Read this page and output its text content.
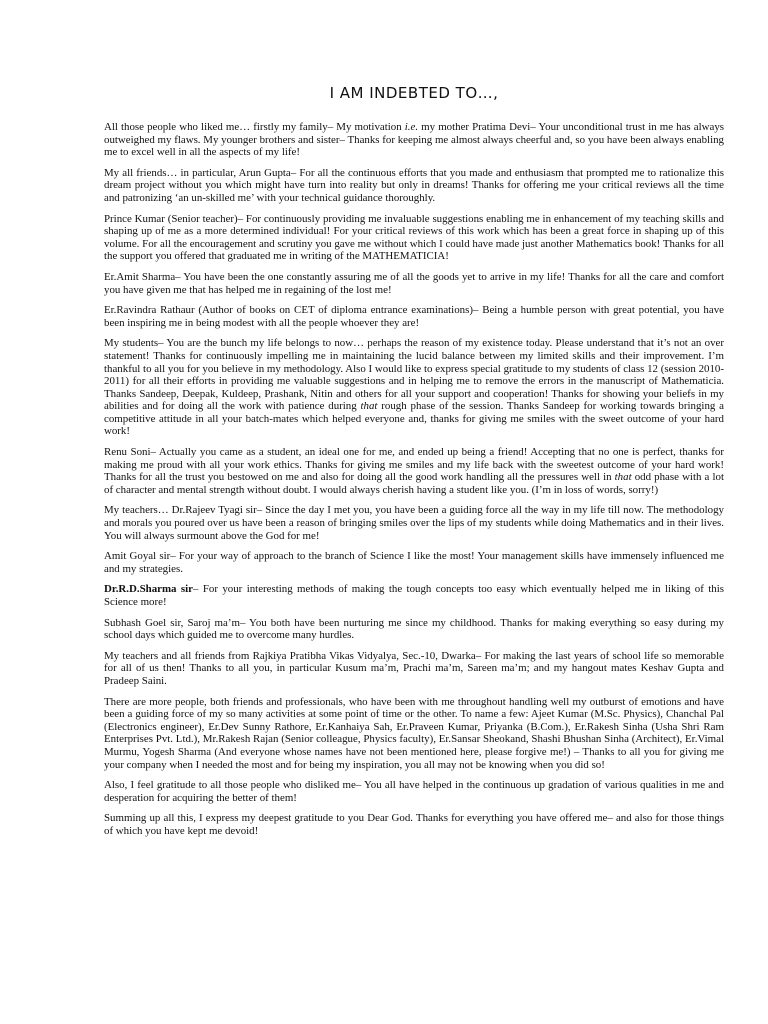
I AM INDEBTED TO…,

All those people who liked me… firstly my family– My motivation i.e. my mother Pratima Devi– Your unconditional trust in me has always outweighed my flaws. My younger brothers and sister– Thanks for keeping me almost always cheerful and, so you have been always enabling me to excel well in all the aspects of my life!

My all friends… in particular, Arun Gupta– For all the continuous efforts that you made and enthusiasm that prompted me to rationalize this dream project without you which might have turn into reality but only in dreams! Thanks for offering me your critical reviews all the time and patronizing ‘an un-skilled me’ with your technical guidance thoroughly.

Prince Kumar (Senior teacher)– For continuously providing me invaluable suggestions enabling me in enhancement of my teaching skills and shaping up of me as a more determined individual! For your critical reviews of this work which has been a great force in shaping up of this volume. For all the encouragement and scrutiny you gave me without which I could have made just another Mathematics book! Thanks for all the support you offered that graduated me in writing of the MATHEMATICIA!

Er.Amit Sharma– You have been the one constantly assuring me of all the goods yet to arrive in my life! Thanks for all the care and comfort you have given me that has helped me in regaining of the lost me!

Er.Ravindra Rathaur (Author of books on CET of diploma entrance examinations)– Being a humble person with great potential, you have been inspiring me in being modest with all the people whoever they are!

My students– You are the bunch my life belongs to now… perhaps the reason of my existence today. Please understand that it’s not an over statement! Thanks for continuously impelling me in maintaining the lucid balance between my limited skills and their improvement. I’m thankful to all you for you believe in my methodology. Also I would like to express special gratitude to my students of class 12 (session 2010-2011) for all their efforts in providing me valuable suggestions and in helping me to remove the errors in the manuscript of Mathematicia. Thanks Sandeep, Deepak, Kuldeep, Prashank, Nitin and others for all your support and cooperation! Thanks for showing your beliefs in my abilities and for doing all the work with patience during that rough phase of the session. Thanks Sandeep for working towards bringing a competitive attitude in all your batch-mates which helped everyone and, thanks for giving me smiles with the sweet outcome of your hard work!

Renu Soni– Actually you came as a student, an ideal one for me, and ended up being a friend! Accepting that no one is perfect, thanks for making me proud with all your work ethics. Thanks for giving me smiles and my life back with the sweetest outcome of your hard work! Thanks for all the trust you bestowed on me and also for doing all the good work handling all the pressures well in that odd phase with a lot of character and mental strength without doubt. I would always cherish having a student like you. (I’m in loss of words, sorry!)

My teachers… Dr.Rajeev Tyagi sir– Since the day I met you, you have been a guiding force all the way in my life till now. The methodology and morals you poured over us have been a reason of bringing smiles over the lips of my students while doing Mathematics and in their lives. You will always surmount above the God for me!

Amit Goyal sir– For your way of approach to the branch of Science I like the most! Your management skills have immensely influenced me and my strategies.

Dr.R.D.Sharma sir– For your interesting methods of making the tough concepts too easy which eventually helped me in liking of this Science more!

Subhash Goel sir, Saroj ma’m– You both have been nurturing me since my childhood. Thanks for making everything so easy during my school days which guided me to overcome many hurdles.

My teachers and all friends from Rajkiya Pratibha Vikas Vidyalya, Sec.-10, Dwarka– For making the last years of school life so memorable for all of us then! Thanks to all you, in particular Kusum ma’m, Prachi ma’m, Sareen ma’m; and my hangout mates Keshav Gupta and Pradeep Saini.

There are more people, both friends and professionals, who have been with me throughout handling well my outburst of emotions and have been a guiding force of my so many activities at some point of time or the other. To name a few: Ajeet Kumar (M.Sc. Physics), Chanchal Pal (Electronics engineer), Er.Dev Sunny Rathore, Er.Kanhaiya Sah, Er.Praveen Kumar, Priyanka (B.Com.), Er.Rakesh Sinha (Usha Shri Ram Enterprises Pvt. Ltd.), Mr.Rakesh Rajan (Senior colleague, Physics faculty), Er.Sansar Sheokand, Shashi Bhushan Sinha (Architect), Er.Vimal Murmu, Yogesh Sharma (And everyone whose names have not been mentioned here, please forgive me!) – Thanks to all you for giving me your company when I needed the most and for being my inspiration, you all may not be knowing when you did so!

Also, I feel gratitude to all those people who disliked me– You all have helped in the continuous up gradation of various qualities in me and desperation for acquiring the better of them!

Summing up all this, I express my deepest gratitude to you Dear God. Thanks for everything you have offered me– and also for those things of which you have kept me devoid!
